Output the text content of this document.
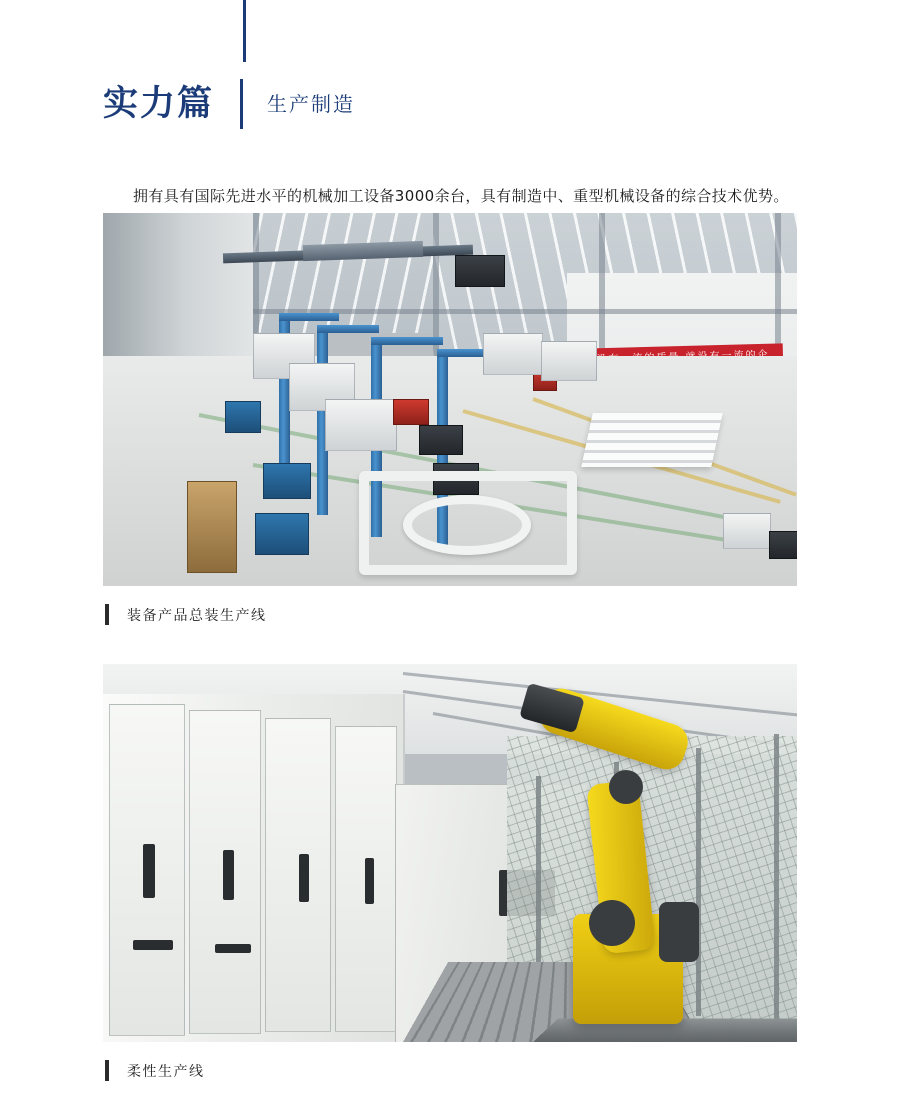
实力篇	生产制造

拥有具有国际先进水平的机械加工设备3000余台，具有制造中、重型机械设备的综合技术优势。

装备产品总装生产线
柔性生产线
